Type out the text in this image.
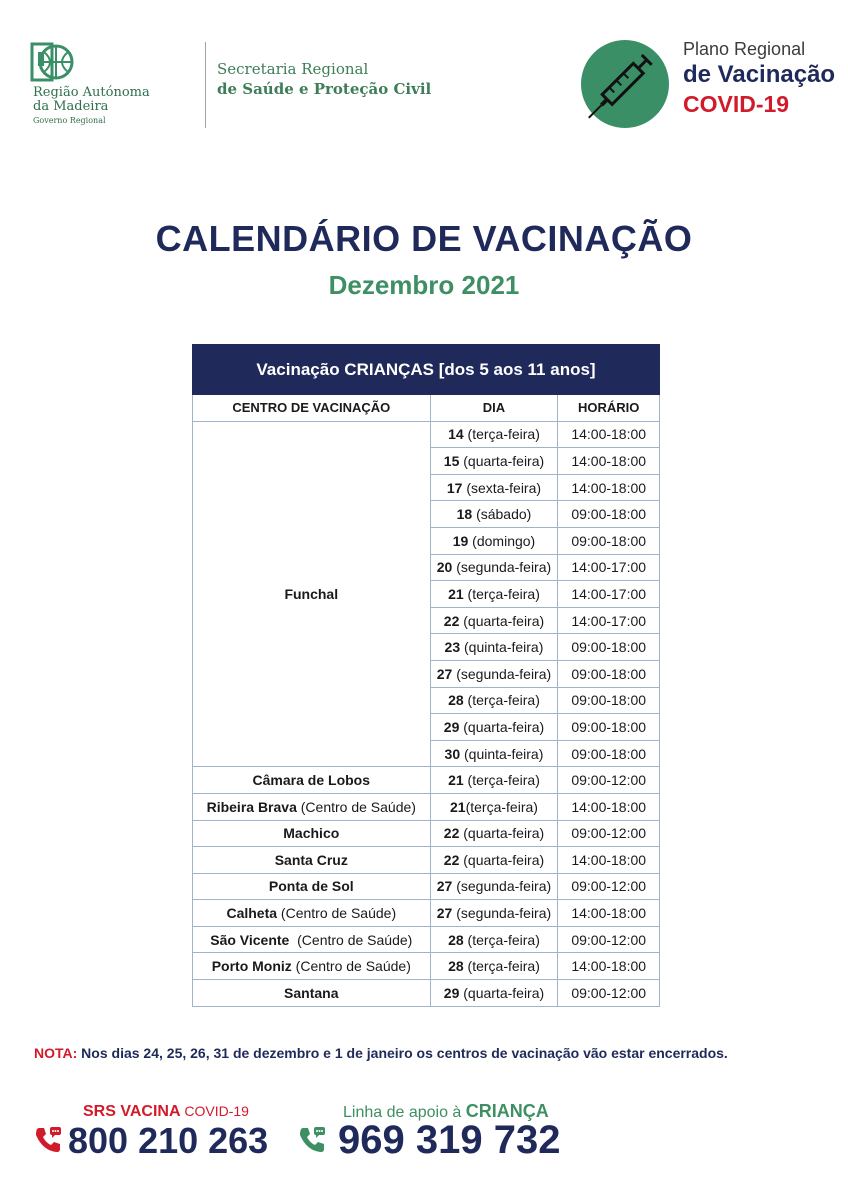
Região Autónoma
da Madeira
Governo Regional
Secretaria Regional
de Saúde e Proteção Civil
Plano Regional
de Vacinação
COVID-19
CALENDÁRIO DE VACINAÇÃO
Dezembro 2021
Vacinação CRIANÇAS [dos 5 aos 11 anos]		
CENTRO DE VACINAÇÃO	DIA	HORÁRIO
Funchal	14 (terça-feira)	14:00-18:00
	15 (quarta-feira)	14:00-18:00
	17 (sexta-feira)	14:00-18:00
	18 (sábado)	09:00-18:00
	19 (domingo)	09:00-18:00
	20 (segunda-feira)	14:00-17:00
	21 (terça-feira)	14:00-17:00
	22 (quarta-feira)	14:00-17:00
	23 (quinta-feira)	09:00-18:00
	27 (segunda-feira)	09:00-18:00
	28 (terça-feira)	09:00-18:00
	29 (quarta-feira)	09:00-18:00
	30 (quinta-feira)	09:00-18:00
Câmara de Lobos	21 (terça-feira)	09:00-12:00
Ribeira Brava (Centro de Saúde)	21(terça-feira)	14:00-18:00
Machico	22 (quarta-feira)	09:00-12:00
Santa Cruz	22 (quarta-feira)	14:00-18:00
Ponta de Sol	27 (segunda-feira)	09:00-12:00
Calheta (Centro de Saúde)	27 (segunda-feira)	14:00-18:00
São Vicente  (Centro de Saúde)	28 (terça-feira)	09:00-12:00
Porto Moniz (Centro de Saúde)	28 (terça-feira)	14:00-18:00
Santana	29 (quarta-feira)	09:00-12:00
NOTA: Nos dias 24, 25, 26, 31 de dezembro e 1 de janeiro os centros de vacinação vão estar encerrados.
SRS VACINA COVID-19
800 210 263
Linha de apoio à CRIANÇA
969 319 732
